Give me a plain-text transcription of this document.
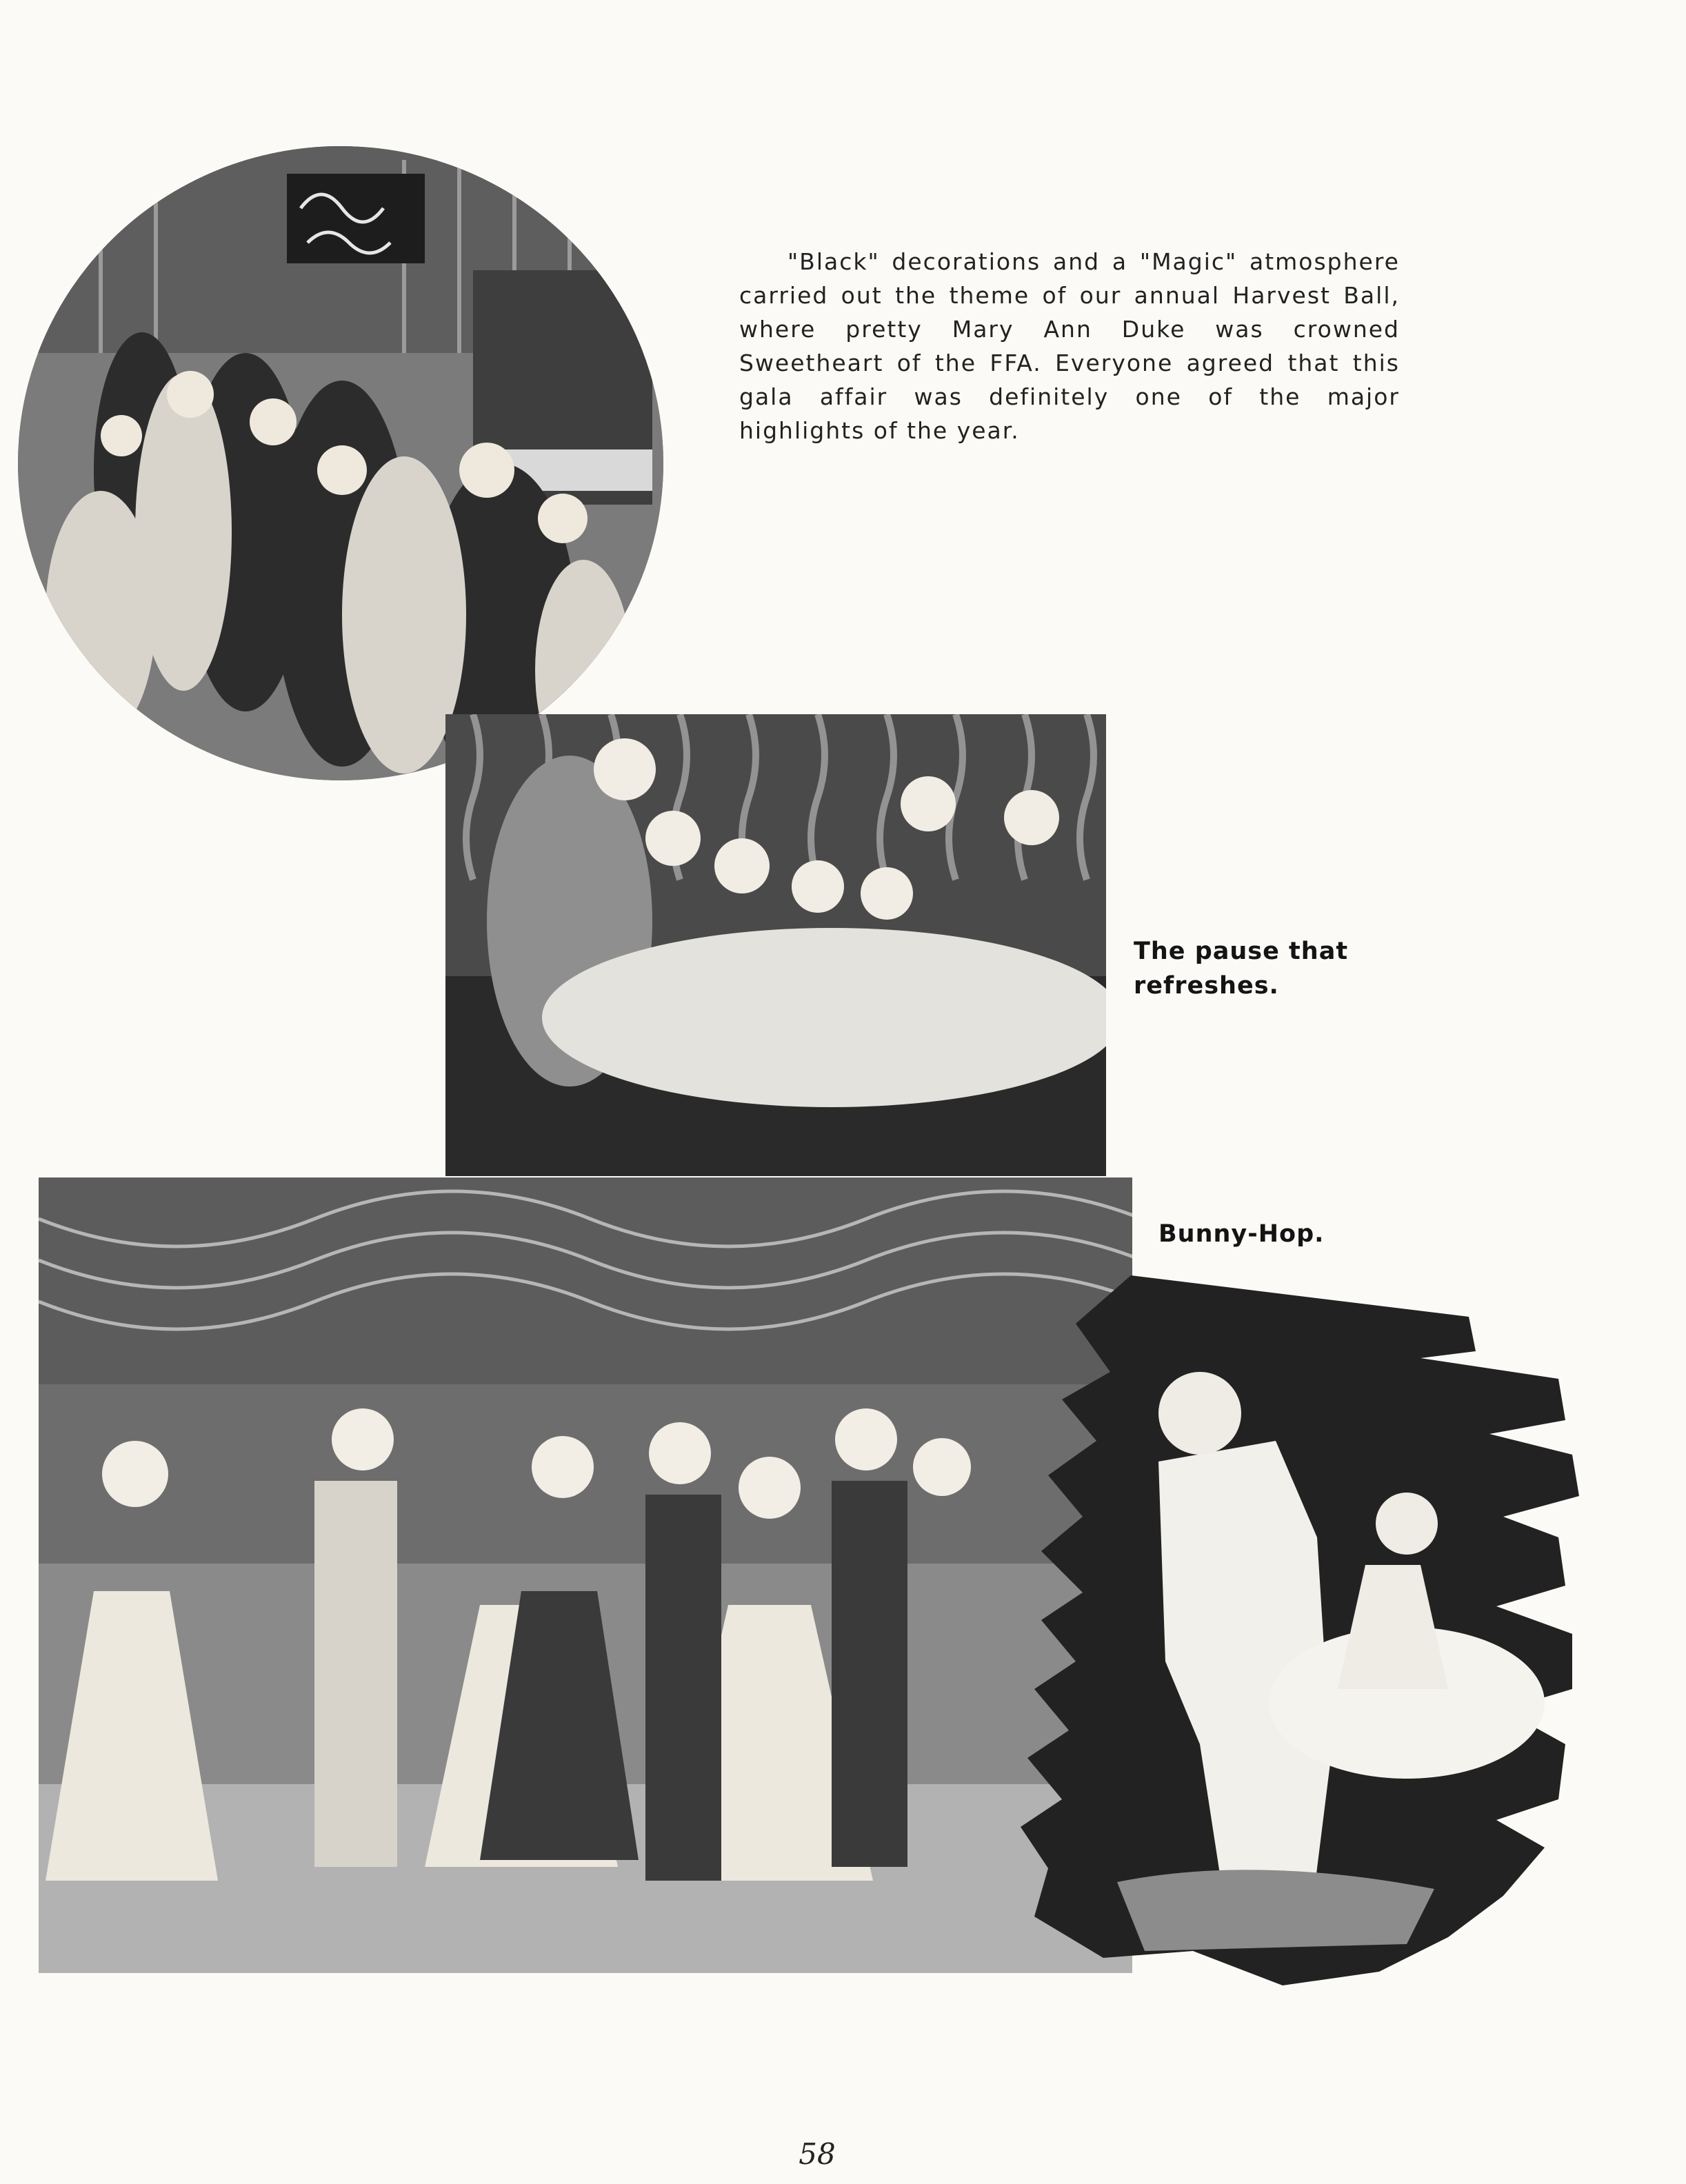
"Black" decorations and a "Magic" atmosphere carried out the theme of our annual Harvest Ball, where pretty Mary Ann Duke was crowned Sweetheart of the FFA. Everyone agreed that this gala affair was definitely one of the major highlights of the year.

The pause that refreshes.

Bunny-Hop.

58
